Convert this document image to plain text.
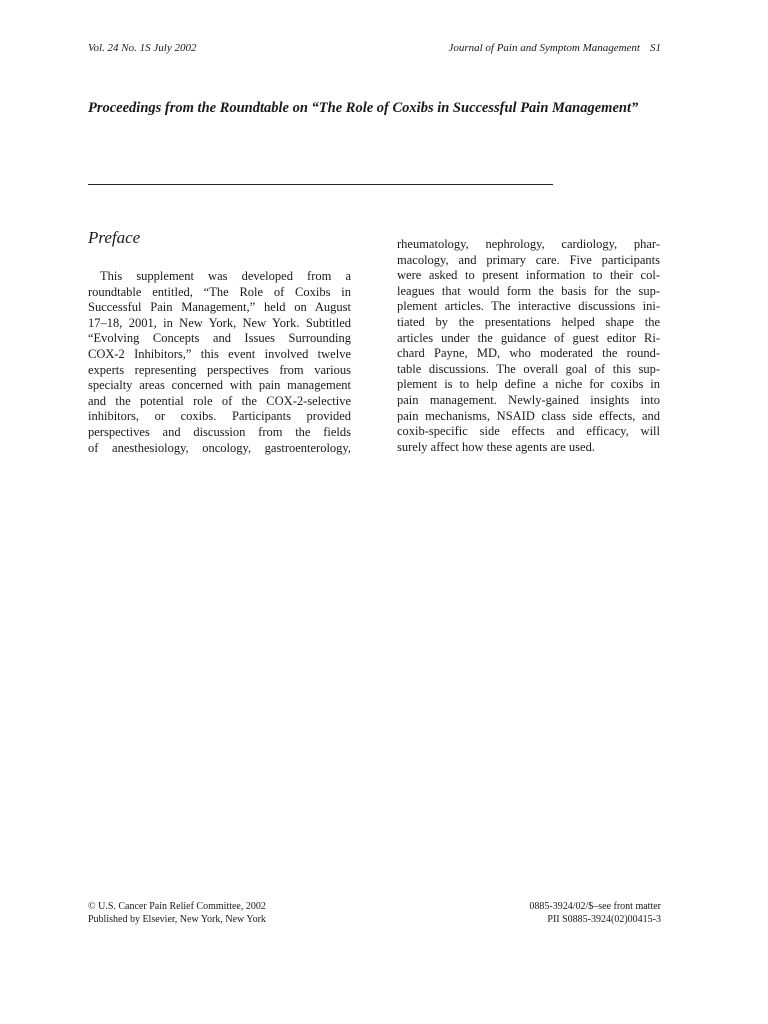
Vol. 24 No. 1S July 2002	Journal of Pain and Symptom Management S1
Proceedings from the Roundtable on “The Role of Coxibs in Successful Pain Management”
Preface
This supplement was developed from a
roundtable entitled, “The Role of Coxibs in
Successful Pain Management,” held on August
17–18, 2001, in New York, New York. Subtitled
“Evolving Concepts and Issues Surrounding
COX-2 Inhibitors,” this event involved twelve
experts representing perspectives from various
specialty areas concerned with pain management
and the potential role of the COX-2-selective
inhibitors, or coxibs. Participants provided
perspectives and discussion from the fields
of anesthesiology, oncology, gastroenterology,
rheumatology, nephrology, cardiology, phar-
macology, and primary care. Five participants
were asked to present information to their col-
leagues that would form the basis for the sup-
plement articles. The interactive discussions ini-
tiated by the presentations helped shape the
articles under the guidance of guest editor Ri-
chard Payne, MD, who moderated the round-
table discussions. The overall goal of this sup-
plement is to help define a niche for coxibs in
pain management. Newly-gained insights into
pain mechanisms, NSAID class side effects, and
coxib-specific side effects and efficacy, will
surely affect how these agents are used.
© U.S. Cancer Pain Relief Committee, 2002
Published by Elsevier, New York, New York
0885-3924/02/$–see front matter
PII S0885-3924(02)00415-3
